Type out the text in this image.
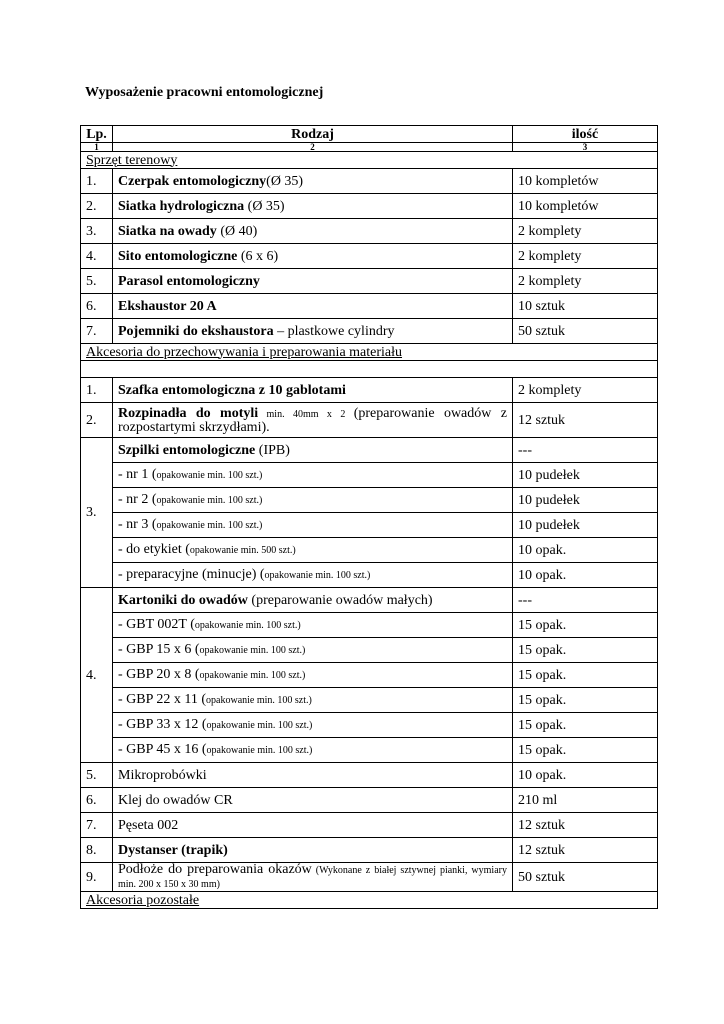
Wyposażenie pracowni entomologicznej
Lp.	Rodzaj	ilość
1	2	3
Sprzęt terenowy		
1.	Czerpak entomologiczny(Ø 35)	10 kompletów
2.	Siatka hydrologiczna (Ø 35)	10 kompletów
3.	Siatka na owady (Ø 40)	2 komplety
4.	Sito entomologiczne (6 x 6)	2 komplety
5.	Parasol entomologiczny	2 komplety
6.	Ekshaustor 20 A	10 sztuk
7.	Pojemniki do ekshaustora – plastkowe cylindry	50 sztuk
Akcesoria do przechowywania i preparowania materiału		

1.	Szafka entomologiczna z 10 gablotami	2 komplety
2.	Rozpinadła do motyli min. 40mm x 2 (preparowanie owadów z rozpostartymi skrzydłami).	12 sztuk
3.	Szpilki entomologiczne (IPB)	---
	- nr 1 (opakowanie min. 100 szt.)	10 pudełek
	- nr 2 (opakowanie min. 100 szt.)	10 pudełek
	- nr 3 (opakowanie min. 100 szt.)	10 pudełek
	- do etykiet (opakowanie min. 500 szt.)	10 opak.
	- preparacyjne (minucje) (opakowanie min. 100 szt.)	10 opak.
4.	Kartoniki do owadów (preparowanie owadów małych)	---
	- GBT 002T (opakowanie min. 100 szt.)	15 opak.
	- GBP 15 x 6 (opakowanie min. 100 szt.)	15 opak.
	- GBP 20 x 8 (opakowanie min. 100 szt.)	15 opak.
	- GBP 22 x 11 (opakowanie min. 100 szt.)	15 opak.
	- GBP 33 x 12 (opakowanie min. 100 szt.)	15 opak.
	- GBP 45 x 16 (opakowanie min. 100 szt.)	15 opak.
5.	Mikroprobówki	10 opak.
6.	Klej do owadów CR	210 ml
7.	Pęseta 002	12 sztuk
8.	Dystanser (trapik)	12 sztuk
9.	Podłoże do preparowania okazów (Wykonane z białej sztywnej pianki, wymiary min. 200 x 150 x 30 mm)	50 sztuk
Akcesoria pozostałe		
